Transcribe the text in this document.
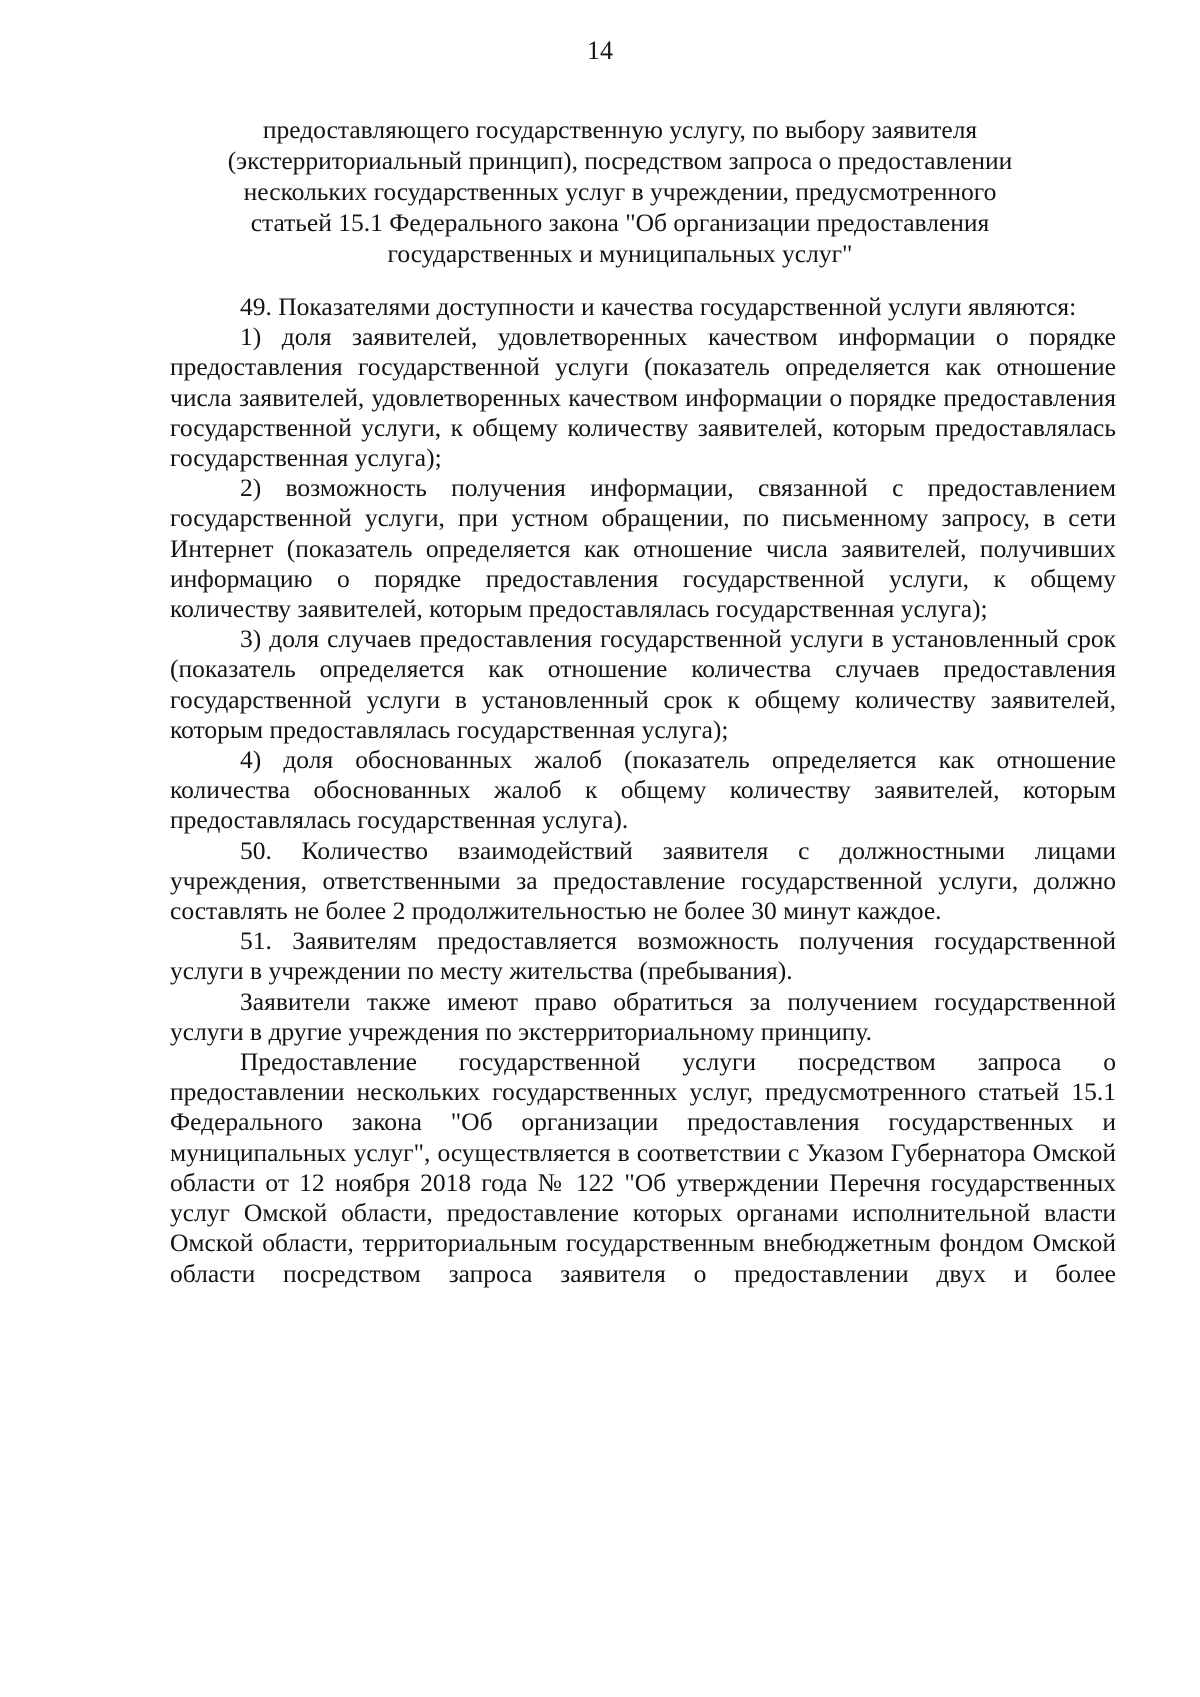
14
предоставляющего государственную услугу, по выбору заявителя
(экстерриториальный принцип), посредством запроса о предоставлении
нескольких государственных услуг в учреждении, предусмотренного
статьей 15.1 Федерального закона "Об организации предоставления
государственных и муниципальных услуг"

49. Показателями доступности и качества государственной услуги являются:

1) доля заявителей, удовлетворенных качеством информации о порядке предоставления государственной услуги (показатель определяется как отношение числа заявителей, удовлетворенных качеством информации о порядке предоставления государственной услуги, к общему количеству заявителей, которым предоставлялась государственная услуга);

2) возможность получения информации, связанной с предоставлением государственной услуги, при устном обращении, по письменному запросу, в сети Интернет (показатель определяется как отношение числа заявителей, получивших информацию о порядке предоставления государственной услуги, к общему количеству заявителей, которым предоставлялась государственная услуга);

3) доля случаев предоставления государственной услуги в установленный срок (показатель определяется как отношение количества случаев предоставления государственной услуги в установленный срок к общему количеству заявителей, которым предоставлялась государственная услуга);

4) доля обоснованных жалоб (показатель определяется как отношение количества обоснованных жалоб к общему количеству заявителей, которым предоставлялась государственная услуга).

50. Количество взаимодействий заявителя с должностными лицами учреждения, ответственными за предоставление государственной услуги, должно составлять не более 2 продолжительностью не более 30 минут каждое.

51. Заявителям предоставляется возможность получения государственной услуги в учреждении по месту жительства (пребывания).

Заявители также имеют право обратиться за получением государственной услуги в другие учреждения по экстерриториальному принципу.

Предоставление государственной услуги посредством запроса о предоставлении нескольких государственных услуг, предусмотренного статьей 15.1 Федерального закона "Об организации предоставления государственных и муниципальных услуг", осуществляется в соответствии с Указом Губернатора Омской области от 12 ноября 2018 года № 122 "Об утверждении Перечня государственных услуг Омской области, предоставление которых органами исполнительной власти Омской области, территориальным государственным внебюджетным фондом Омской области посредством запроса заявителя о предоставлении двух и более
